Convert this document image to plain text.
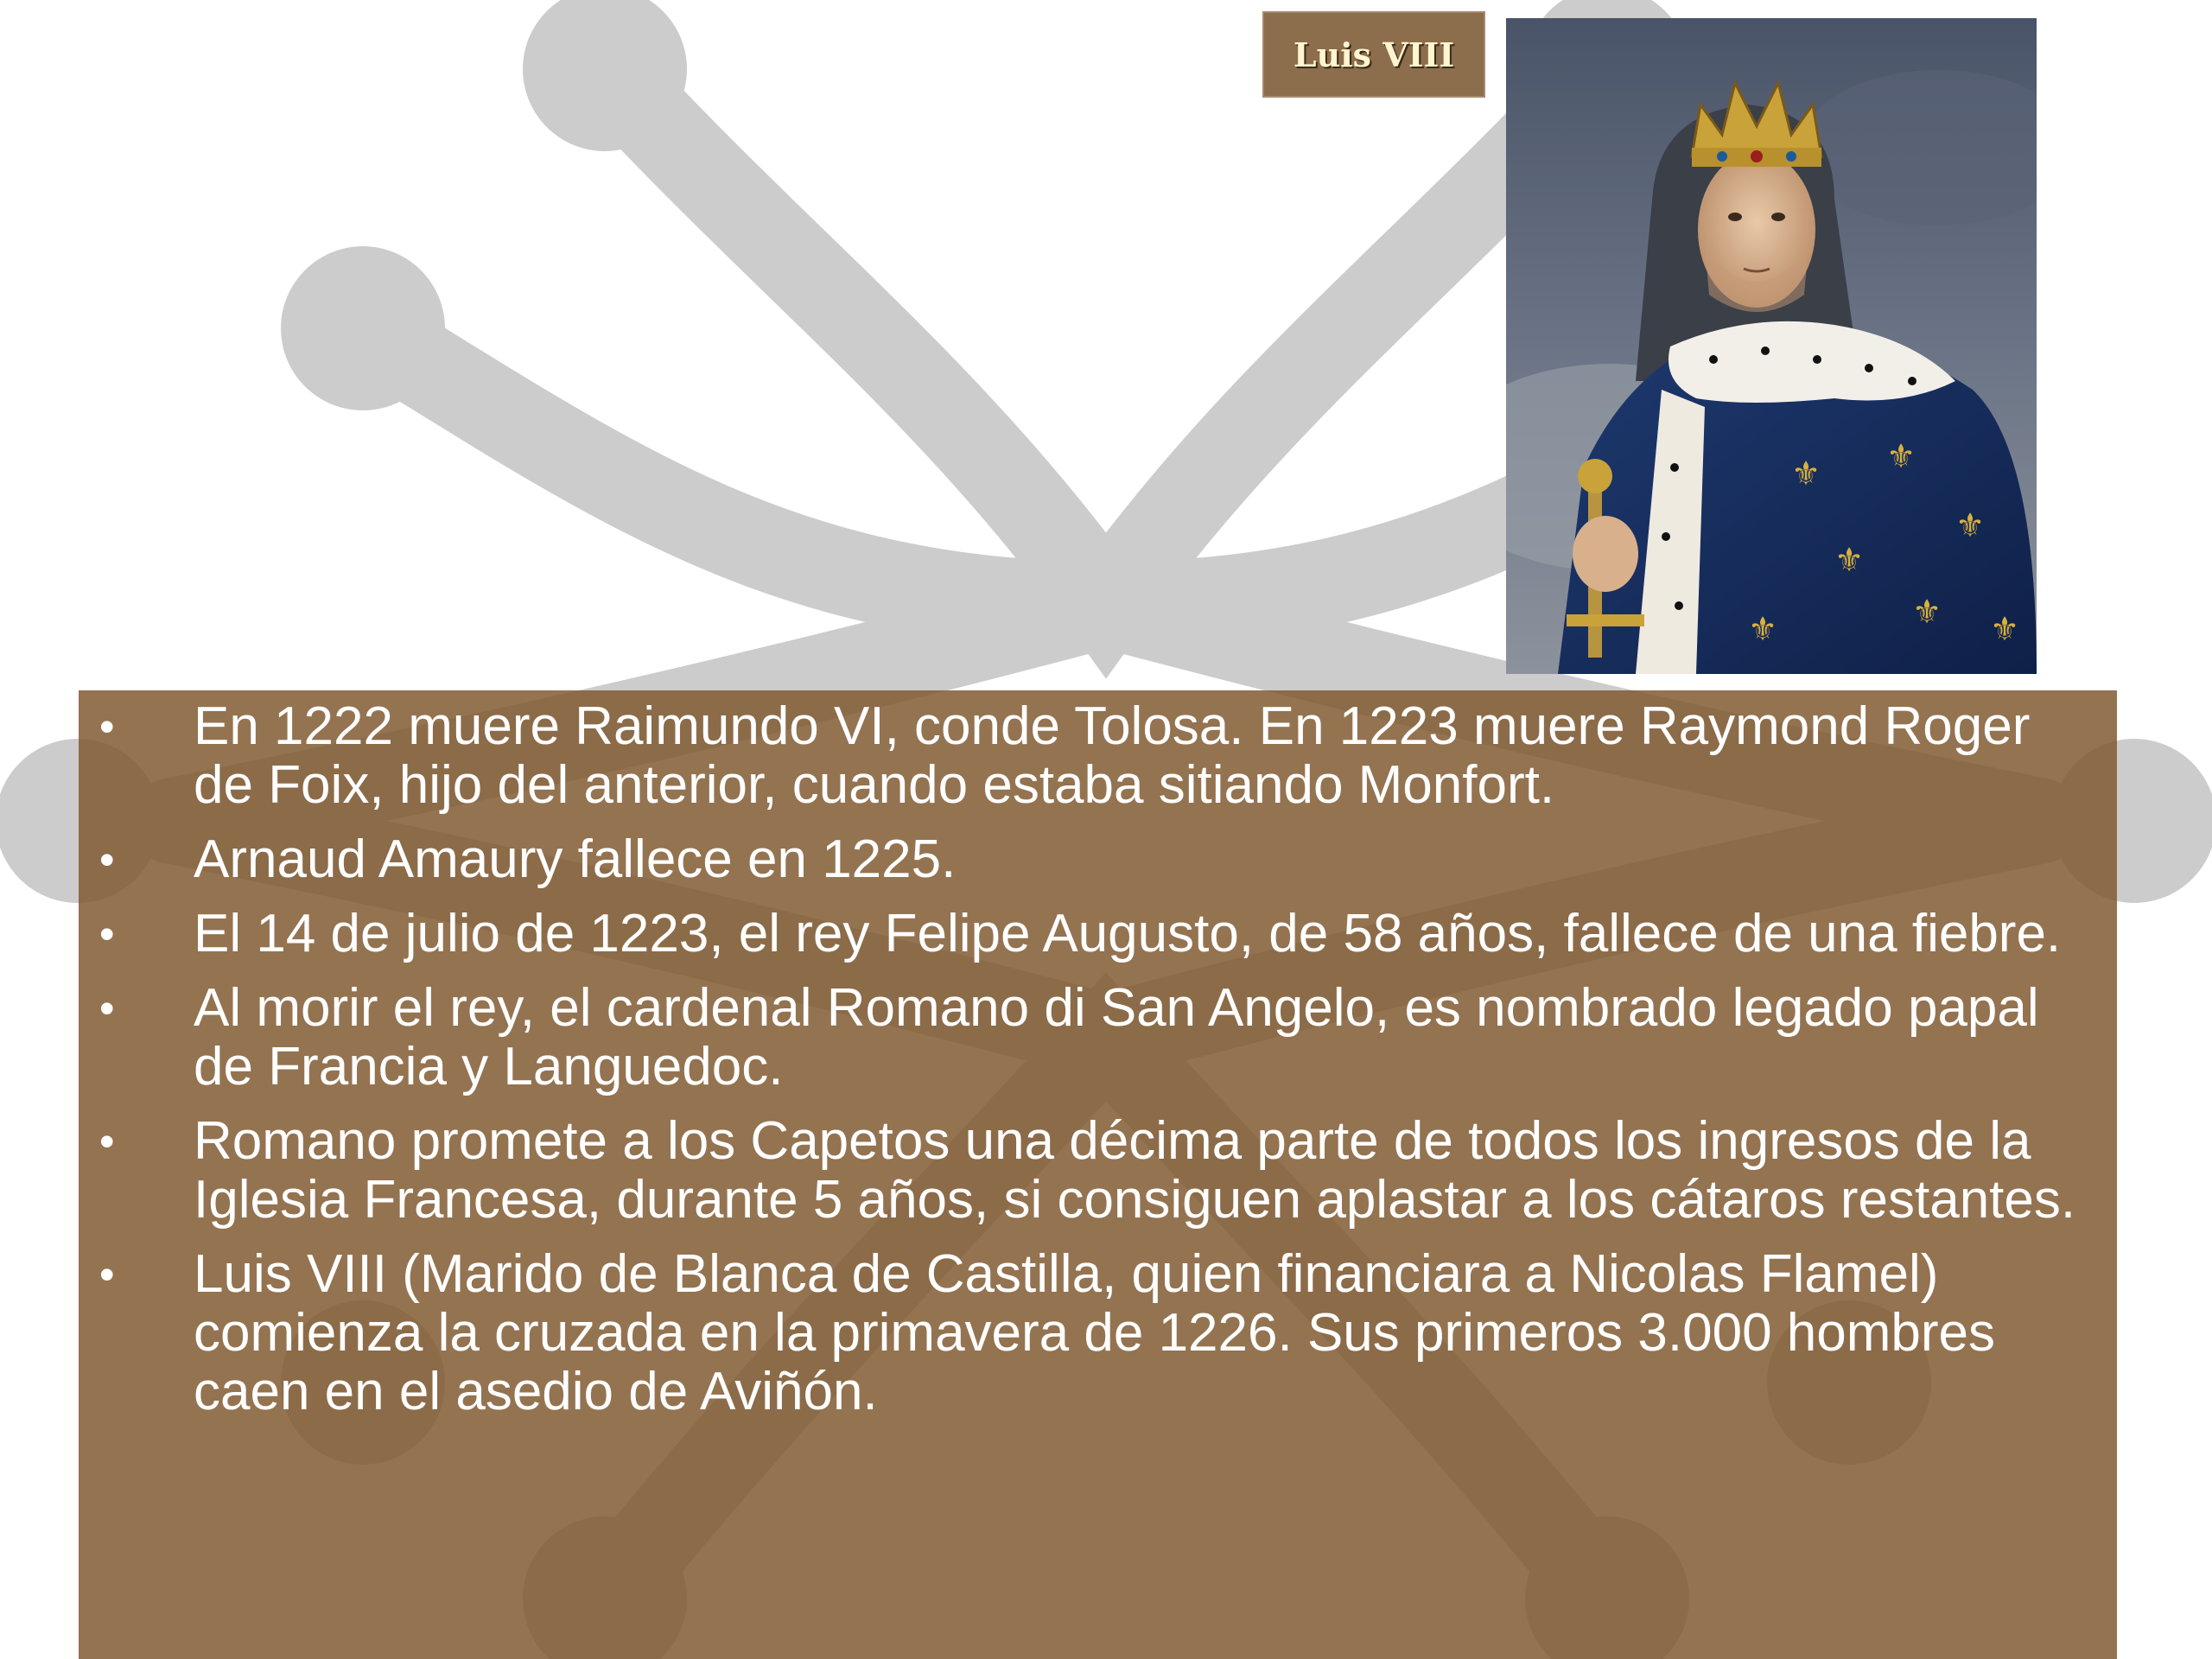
Luis VIII
⚜ ⚜
⚜
⚜
⚜ ⚜
⚜
• En 1222 muere Raimundo VI, conde Tolosa. En 1223 muere Raymond Roger de Foix, hijo del anterior, cuando estaba sitiando Monfort.
• Arnaud Amaury fallece en 1225.
• El 14 de julio de 1223, el rey Felipe Augusto, de 58 años, fallece de una fiebre.
• Al morir el rey, el cardenal Romano di San Angelo, es nombrado legado papal de Francia y Languedoc.
• Romano promete a los Capetos una décima parte de todos los ingresos de la Iglesia Francesa, durante 5 años, si consiguen aplastar a los cátaros restantes.
• Luis VIII (Marido de Blanca de Castilla, quien financiara a Nicolas Flamel) comienza la cruzada en la primavera de 1226. Sus primeros 3.000 hombres caen en el asedio de Aviñón.
